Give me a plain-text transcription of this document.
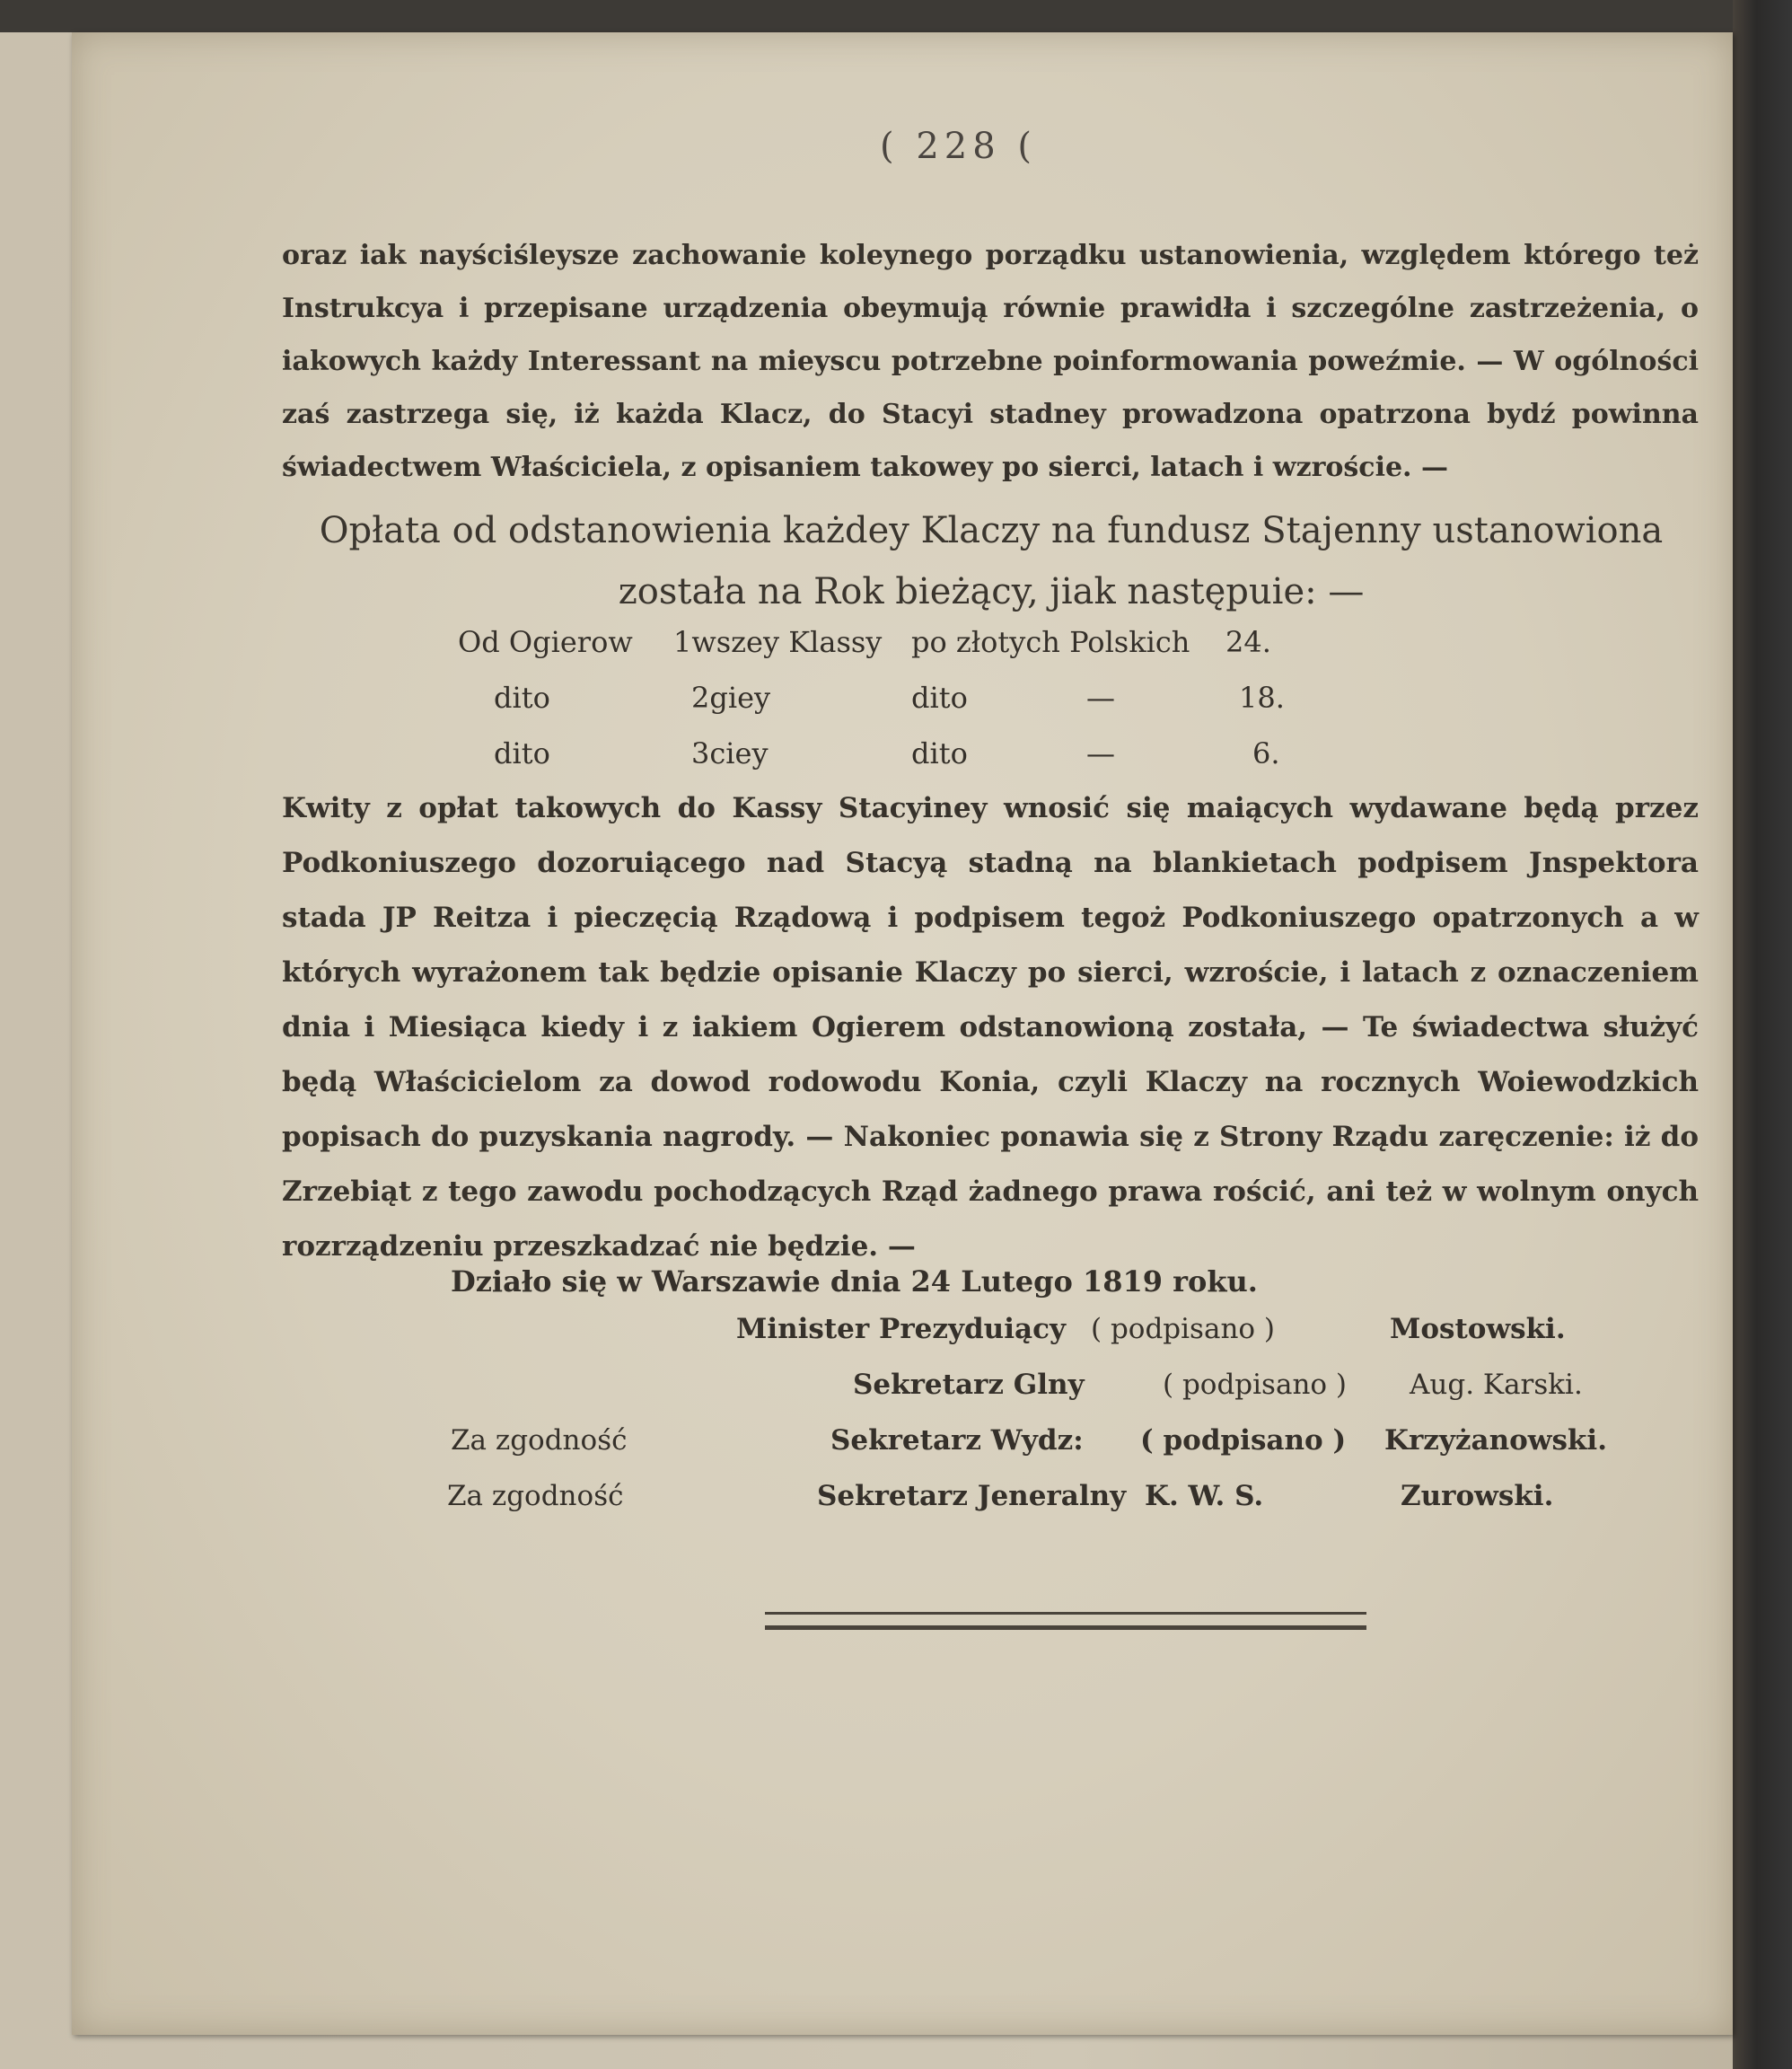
( 228 (
oraz iak nayściśleysze zachowanie koleynego porządku ustanowienia, względem którego też Instrukcya i przepisane urządzenia obeymują równie prawidła i szczególne zastrzeżenia, o iakowych każdy Interessant na mieyscu potrzebne poinformowania poweźmie. — W ogólności zaś zastrzega się, iż każda Klacz, do Stacyi stadney prowadzona opatrzona bydź powinna świadectwem Właściciela, z opisaniem takowey po sierci, latach i wzroście. —
Opłata od odstanowienia każdey Klaczy na fundusz Stajenny ustanowiona została na Rok bieżący, jiak następuie: —
Od Ogierow 1wszey Klassy po złotych Polskich 24.
dito	2giey	dito	—	18.
dito	3ciey	dito	—	6.
Kwity z opłat takowych do Kassy Stacyiney wnosić się maiących wydawane będą przez Podkoniuszego dozoruiącego nad Stacyą stadną na blankietach podpisem Jnspektora stada JP Reitza i pieczęcią Rządową i podpisem tegoż Podkoniuszego opatrzonych a w których wyrażonem tak będzie opisanie Klaczy po sierci, wzroście, i latach z oznaczeniem dnia i Miesiąca kiedy i z iakiem Ogierem odstanowioną została, — Te świadectwa służyć będą Właścicielom za dowod rodowodu Konia, czyli Klaczy na rocznych Woiewodzkich popisach do puzyskania nagrody. — Nakoniec ponawia się z Strony Rządu zaręczenie: iż do Zrzebiąt z tego zawodu pochodzących Rząd żadnego prawa rościć, ani też w wolnym onych rozrządzeniu przeszkadzać nie będzie. —
Działo się w Warszawie dnia 24 Lutego 1819 roku.
Minister Prezyduiący ( podpisano )	Mostowski.
Sekretarz Glny	( podpisano ) Aug. Karski.
Za zgodność	Sekretarz Wydz: ( podpisano ) Krzyżanowski.
Za zgodność	Sekretarz Jeneralny K. W. S.	Zurowski.
